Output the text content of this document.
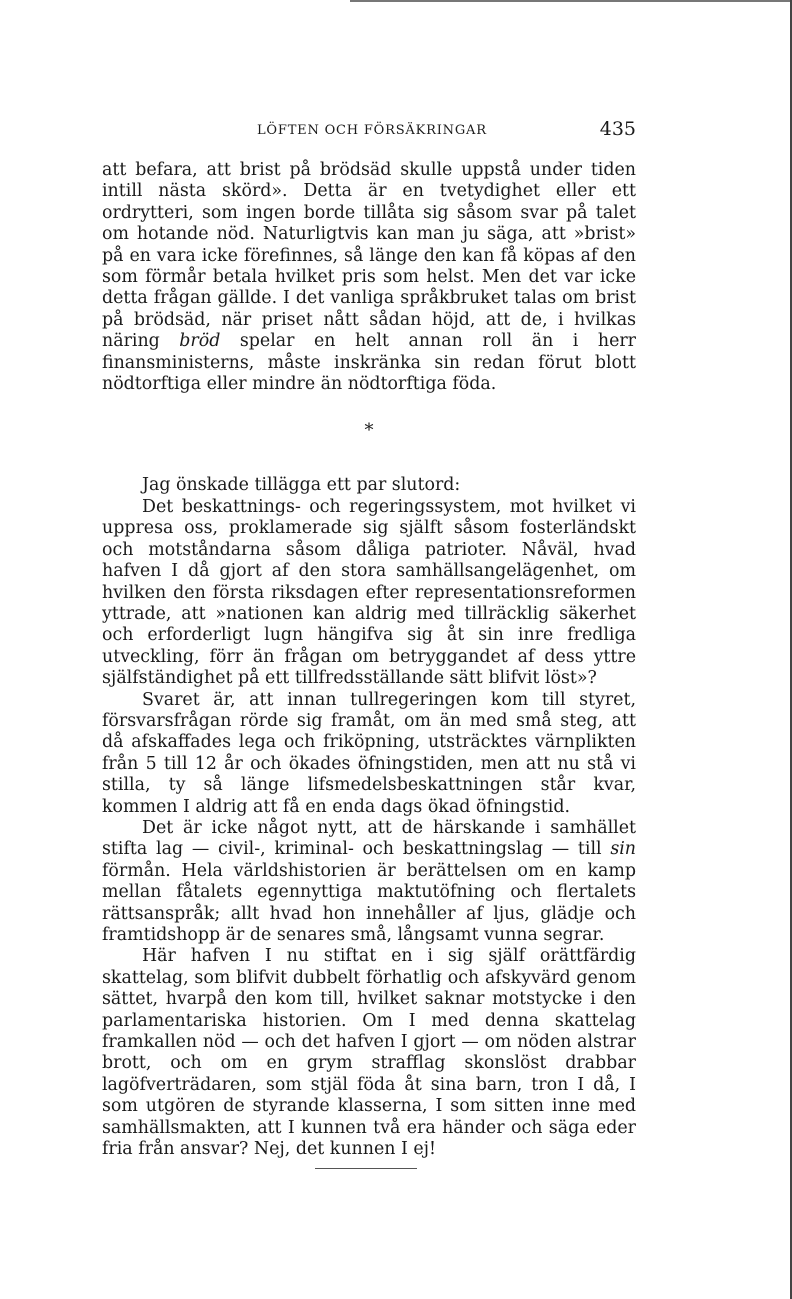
LÖFTEN OCH FÖRSÄKRINGAR	435

att befara, att brist på brödsäd skulle uppstå under tiden intill nästa skörd». Detta är en tvetydighet eller ett ordrytteri, som ingen borde tillåta sig såsom svar på talet om hotande nöd. Naturligtvis kan man ju säga, att »brist» på en vara icke förefinnes, så länge den kan få köpas af den som förmår betala hvilket pris som helst. Men det var icke detta frågan gällde. I det vanliga språkbruket talas om brist på brödsäd, när priset nått sådan höjd, att de, i hvilkas näring bröd spelar en helt annan roll än i herr finansministerns, måste inskränka sin redan förut blott nödtorftiga eller mindre än nödtorftiga föda.

*

Jag önskade tillägga ett par slutord:

Det beskattnings- och regeringssystem, mot hvilket vi uppresa oss, proklamerade sig själft såsom fosterländskt och motståndarna såsom dåliga patrioter. Nåväl, hvad hafven I då gjort af den stora samhällsangelägenhet, om hvilken den första riksdagen efter representationsreformen yttrade, att »nationen kan aldrig med tillräcklig säkerhet och erforderligt lugn hängifva sig åt sin inre fredliga utveckling, förr än frågan om betryggandet af dess yttre själfständighet på ett tillfredsställande sätt blifvit löst»?

Svaret är, att innan tullregeringen kom till styret, försvarsfrågan rörde sig framåt, om än med små steg, att då afskaffades lega och friköpning, utsträcktes värnplikten från 5 till 12 år och ökades öfningstiden, men att nu stå vi stilla, ty så länge lifsmedelsbeskattningen står kvar, kommen I aldrig att få en enda dags ökad öfningstid.

Det är icke något nytt, att de härskande i samhället stifta lag — civil-, kriminal- och beskattningslag — till sin förmån. Hela världshistorien är berättelsen om en kamp mellan fåtalets egennyttiga maktutöfning och flertalets rättsanspråk; allt hvad hon innehåller af ljus, glädje och framtidshopp är de senares små, långsamt vunna segrar.

Här hafven I nu stiftat en i sig själf orättfärdig skattelag, som blifvit dubbelt förhatlig och afskyvärd genom sättet, hvarpå den kom till, hvilket saknar motstycke i den parlamentariska historien. Om I med denna skattelag framkallen nöd — och det hafven I gjort — om nöden alstrar brott, och om en grym strafflag skonslöst drabbar lagöfverträdaren, som stjäl föda åt sina barn, tron I då, I som utgören de styrande klasserna, I som sitten inne med samhällsmakten, att I kunnen två era händer och säga eder fria från ansvar? Nej, det kunnen I ej!
